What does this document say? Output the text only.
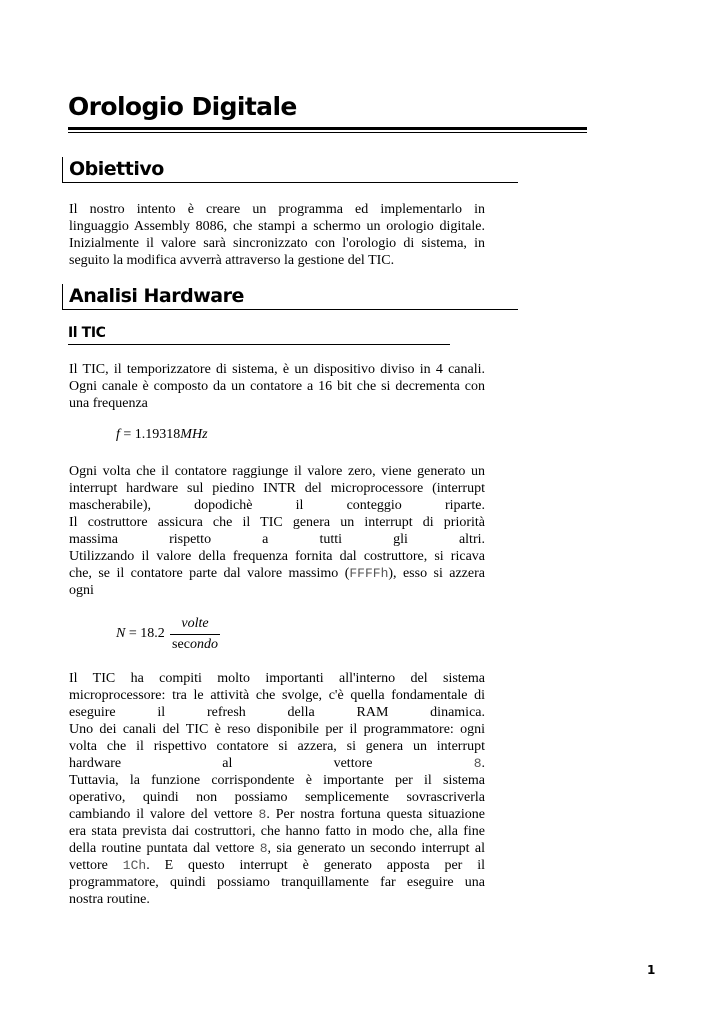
Orologio Digitale
Obiettivo
Il nostro intento è creare un programma ed implementarlo in
linguaggio Assembly 8086, che stampi a schermo un orologio digitale.
Inizialmente il valore sarà sincronizzato con l'orologio di sistema, in
seguito la modifica avverrà attraverso la gestione del TIC.
Analisi Hardware
Il TIC
Il TIC, il temporizzatore di sistema, è un dispositivo diviso in 4 canali.
Ogni canale è composto da un contatore a 16 bit che si decrementa con
una frequenza
f = 1.19318MHz
Ogni volta che il contatore raggiunge il valore zero, viene generato un
interrupt hardware sul piedino INTR del microprocessore (interrupt
mascherabile), dopodichè il conteggio riparte.
Il costruttore assicura che il TIC genera un interrupt di priorità
massima rispetto a tutti gli altri.
Utilizzando il valore della frequenza fornita dal costruttore, si ricava
che, se il contatore parte dal valore massimo (FFFFh), esso si azzera
ogni
N = 18.2
volte
secondo
Il TIC ha compiti molto importanti all'interno del sistema
microprocessore: tra le attività che svolge, c'è quella fondamentale di
eseguire il refresh della RAM dinamica.
Uno dei canali del TIC è reso disponibile per il programmatore: ogni
volta che il rispettivo contatore si azzera, si genera un interrupt
hardware al vettore 8.
Tuttavia, la funzione corrispondente è importante per il sistema
operativo, quindi non possiamo semplicemente sovrascriverla
cambiando il valore del vettore 8. Per nostra fortuna questa situazione
era stata prevista dai costruttori, che hanno fatto in modo che, alla fine
della routine puntata dal vettore 8, sia generato un secondo interrupt al
vettore 1Ch. E questo interrupt è generato apposta per il
programmatore, quindi possiamo tranquillamente far eseguire una
nostra routine.
1
